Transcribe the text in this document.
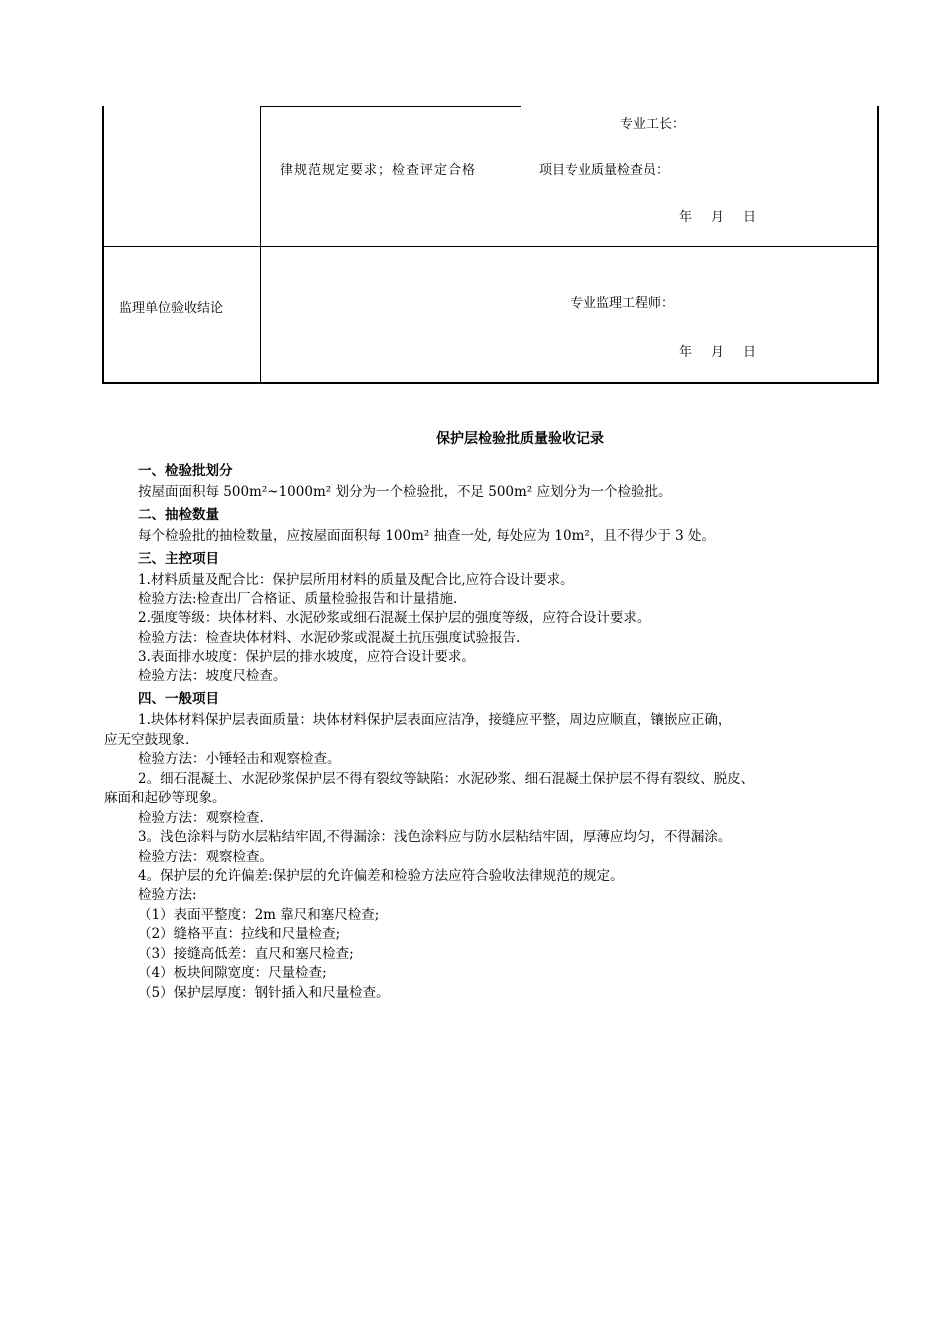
专业工长：
律规范规定要求；检查评定合格	项目专业质量检查员：
年　月　日
监理单位验收结论	专业监理工程师：
年　月　日
保护层检验批质量验收记录
一、检验批划分
按屋面面积每 500m²~1000m² 划分为一个检验批，不足 500m² 应划分为一个检验批。
二、抽检数量
每个检验批的抽检数量，应按屋面面积每 100m² 抽查一处, 每处应为 10m²，且不得少于 3 处。
三、主控项目
1.材料质量及配合比：保护层所用材料的质量及配合比,应符合设计要求。
检验方法:检查出厂合格证、质量检验报告和计量措施.
2.强度等级：块体材料、水泥砂浆或细石混凝土保护层的强度等级，应符合设计要求。
检验方法：检查块体材料、水泥砂浆或混凝土抗压强度试验报告.
3.表面排水坡度：保护层的排水坡度，应符合设计要求。
检验方法：坡度尺检查。
四、一般项目
1.块体材料保护层表面质量：块体材料保护层表面应洁净，接缝应平整，周边应顺直，镶嵌应正确，
应无空鼓现象.
检验方法：小锤轻击和观察检查。
2。细石混凝土、水泥砂浆保护层不得有裂纹等缺陷：水泥砂浆、细石混凝土保护层不得有裂纹、脱皮、
麻面和起砂等现象。
检验方法：观察检查.
3。浅色涂料与防水层粘结牢固,不得漏涂：浅色涂料应与防水层粘结牢固，厚薄应均匀，不得漏涂。
检验方法：观察检查。
4。保护层的允许偏差:保护层的允许偏差和检验方法应符合验收法律规范的规定。
检验方法:
（1）表面平整度：2m 靠尺和塞尺检查;
（2）缝格平直：拉线和尺量检查;
（3）接缝高低差：直尺和塞尺检查;
（4）板块间隙宽度：尺量检查;
（5）保护层厚度：钢针插入和尺量检查。
